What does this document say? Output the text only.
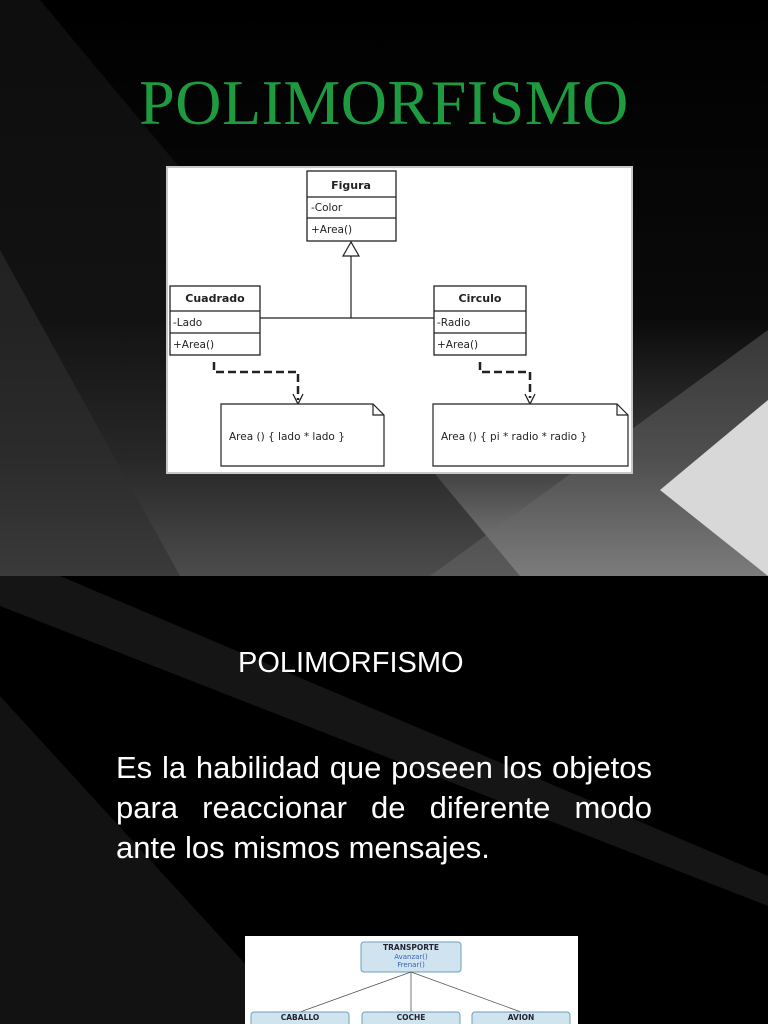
POLIMORFISMO
Figura
-Color
+Area()
Cuadrado
-Lado
+Area()
Circulo
-Radio
+Area()
Area () { lado * lado }	Area () { pi * radio * radio }
POLIMORFISMO
Es la habilidad que poseen los objetos para reaccionar de diferente modo ante los mismos mensajes.
TRANSPORTE
Avanzar()
Frenar()
CABALLO	COCHE	AVION
